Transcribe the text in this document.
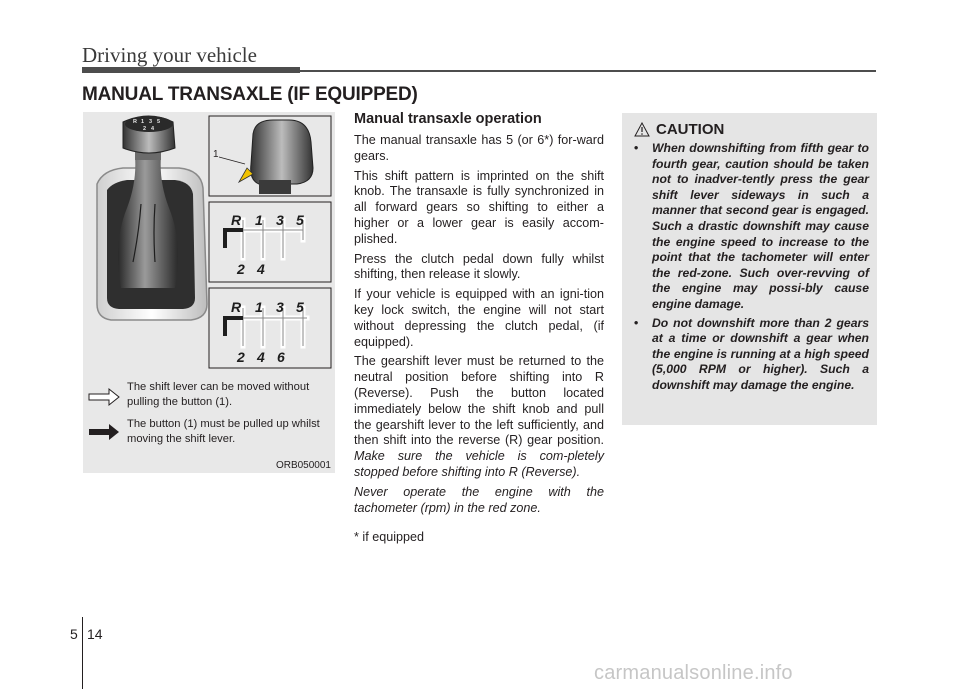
Driving your vehicle
MANUAL TRANSAXLE (IF EQUIPPED)
R 1 3 5
2 4
1
R 1 3 5
2 4
R 1 3 5
2 4 6
The shift lever can be moved without pulling the button (1).
The button (1) must be pulled up whilst moving the shift lever.
ORB050001
Manual transaxle operation

The manual transaxle has 5 (or 6*) for-ward gears.

This shift pattern is imprinted on the shift knob. The transaxle is fully synchronized in all forward gears so shifting to either a higher or a lower gear is easily accom-plished.

Press the clutch pedal down fully whilst shifting, then release it slowly.

If your vehicle is equipped with an igni-tion key lock switch, the engine will not start without depressing the clutch pedal, (if equipped).

The gearshift lever must be returned to the neutral position before shifting into R (Reverse). Push the button located immediately below the shift knob and pull the gearshift lever to the left sufficiently, and then shift into the reverse (R) gear position. Make sure the vehicle is com-pletely stopped before shifting into R (Reverse).

Never operate the engine with the tachometer (rpm) in the red zone.

* if equipped
CAUTION
• When downshifting from fifth gear to fourth gear, caution should be taken not to inadver-tently press the gear shift lever sideways in such a manner that second gear is engaged. Such a drastic downshift may cause the engine speed to increase to the point that the tachometer will enter the red-zone. Such over-revving of the engine may possi-bly cause engine damage.
• Do not downshift more than 2 gears at a time or downshift a gear when the engine is running at a high speed (5,000 RPM or higher). Such a downshift may damage the engine.
5 14
carmanualsonline.info
